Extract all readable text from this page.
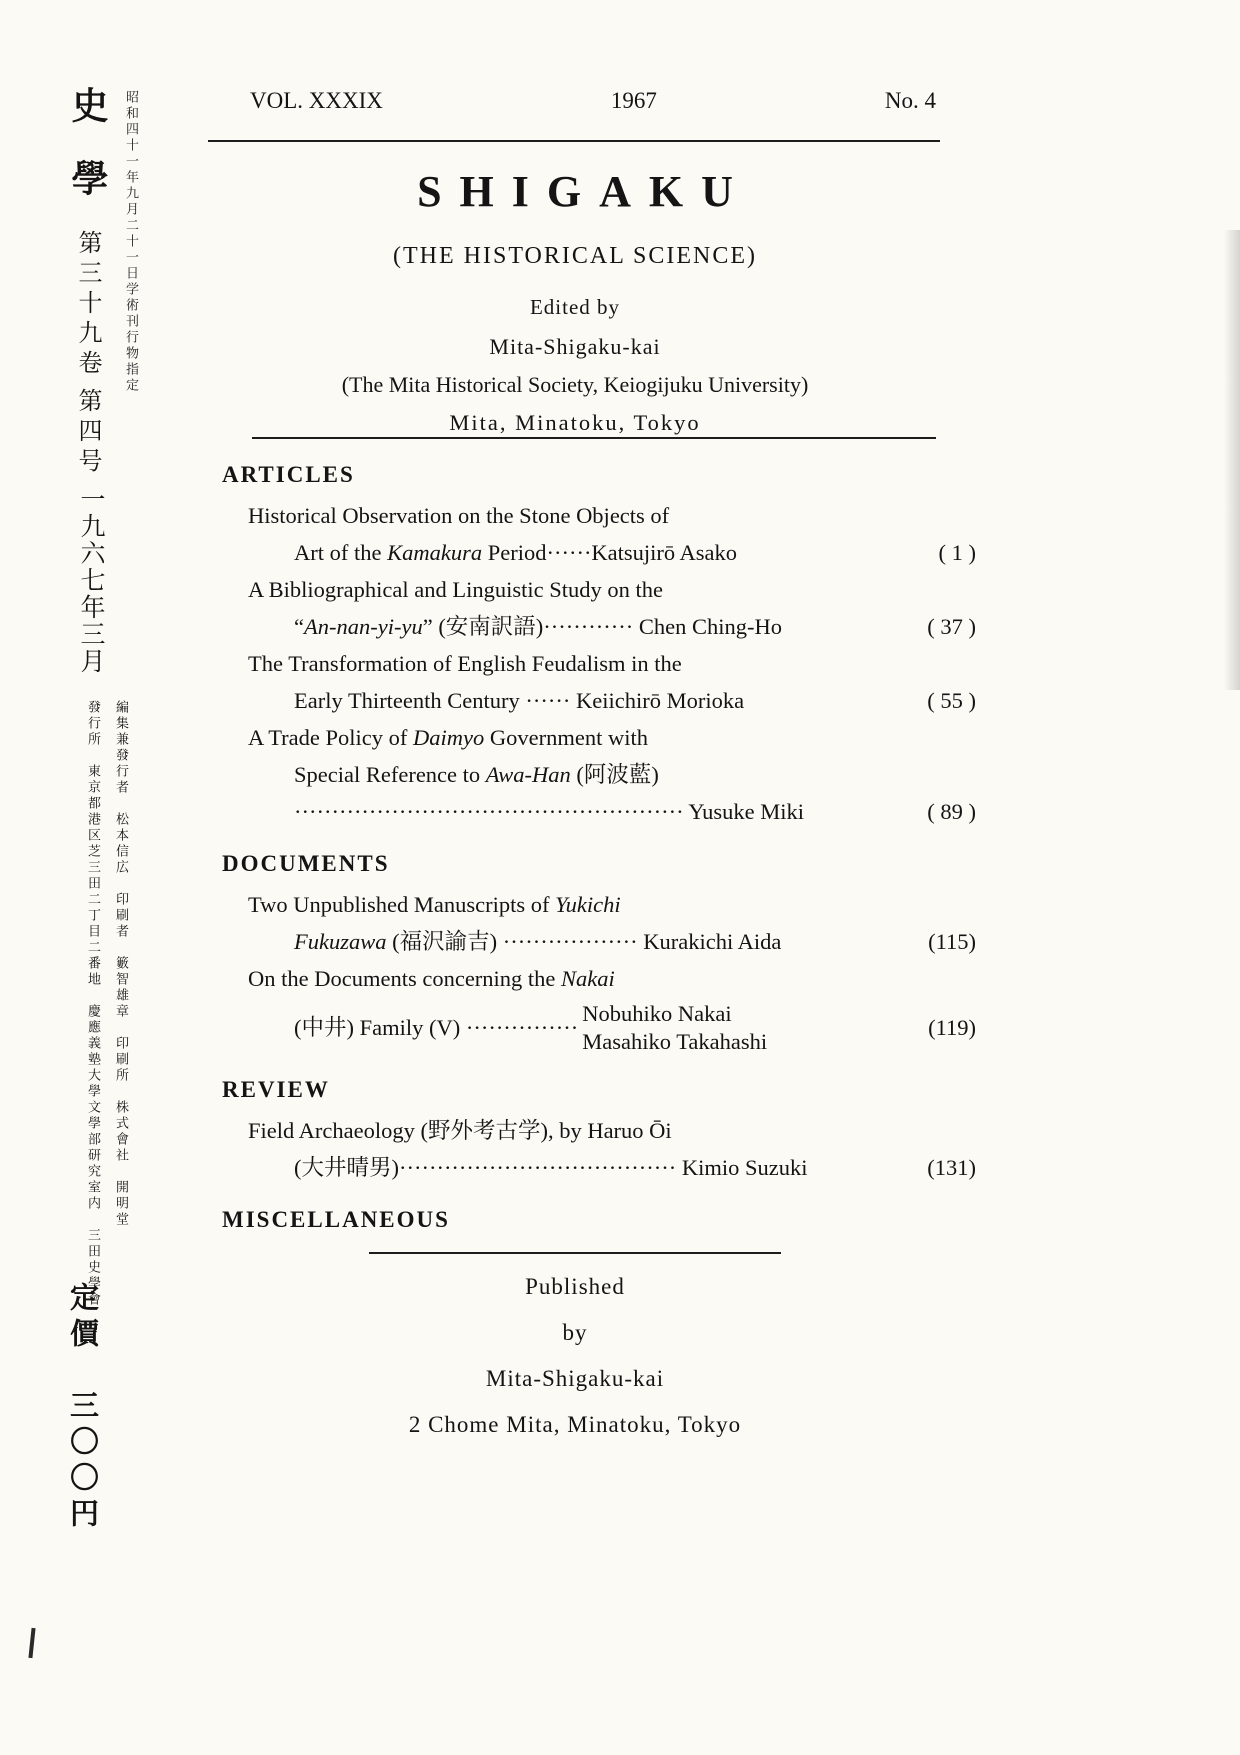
史學
第三十九卷
第四号
昭和四十一年九月二十一日学術刊行物指定
一九六七年三月
編集兼發行者　松本信広　印刷者　籔智雄章　印刷所　株式會社　開明堂
發行所　東京都港区芝三田二丁目二番地　慶應義塾大學文學部研究室内　三田史學會
定價　三〇〇円
VOL. XXXIX	1967	No. 4
SHIGAKU
(THE HISTORICAL SCIENCE)
Edited by
Mita-Shigaku-kai
(The Mita Historical Society, Keiogijuku University)
Mita, Minatoku, Tokyo
ARTICLES
Historical Observation on the Stone Objects of
Art of the Kamakura Period······Katsujirō Asako	( 1 )
A Bibliographical and Linguistic Study on the
“An-nan-yi-yu” (安南訳語)············ Chen Ching-Ho	( 37 )
The Transformation of English Feudalism in the
Early Thirteenth Century ······ Keiichirō Morioka	( 55 )
A Trade Policy of Daimyo Government with
Special Reference to Awa-Han (阿波藍)
···················································· Yusuke Miki	( 89 )
DOCUMENTS
Two Unpublished Manuscripts of Yukichi
Fukuzawa (福沢諭吉) ·················· Kurakichi Aida	(115)
On the Documents concerning the Nakai
(中井) Family (V) ···············
Nobuhiko Nakai
Masahiko Takahashi
(119)
REVIEW
Field Archaeology (野外考古学), by Haruo Ōi
(大井晴男)····································· Kimio Suzuki	(131)
MISCELLANEOUS
Published
by
Mita-Shigaku-kai
2 Chome Mita, Minatoku, Tokyo
